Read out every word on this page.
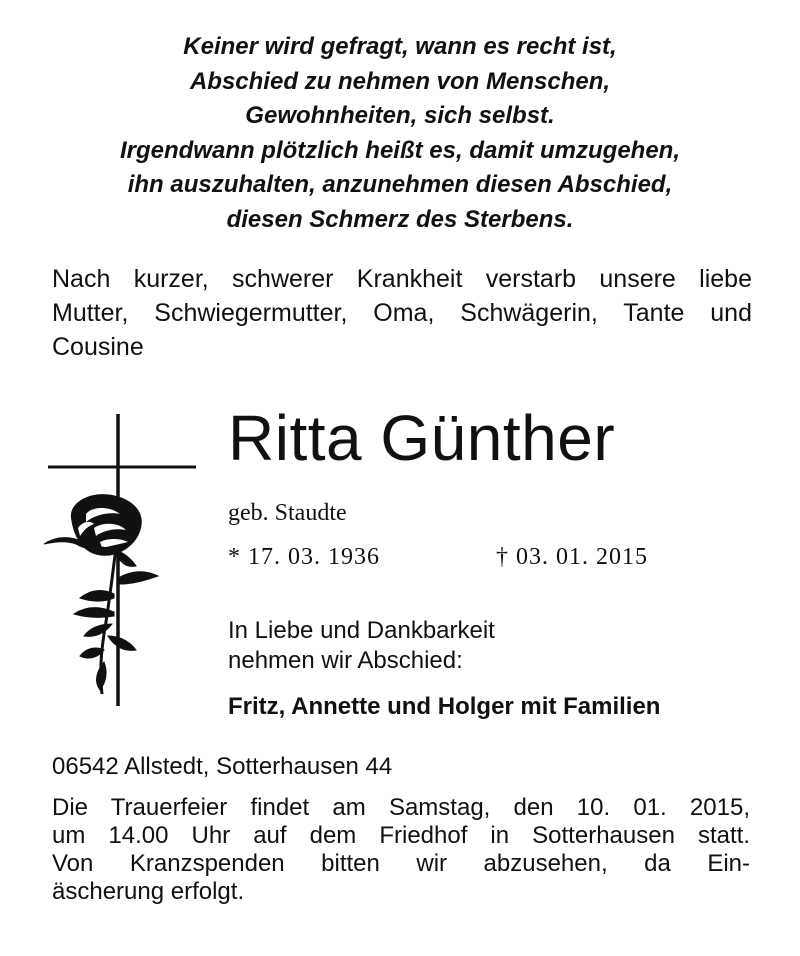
Keiner wird gefragt, wann es recht ist,
Abschied zu nehmen von Menschen,
Gewohnheiten, sich selbst.
Irgendwann plötzlich heißt es, damit umzugehen,
ihn auszuhalten, anzunehmen diesen Abschied,
diesen Schmerz des Sterbens.
Nach kurzer, schwerer Krankheit verstarb unsere liebe
Mutter, Schwiegermutter, Oma, Schwägerin, Tante und
Cousine
Ritta Günther
geb. Staudte
* 17. 03. 1936	† 03. 01. 2015
In Liebe und Dankbarkeit
nehmen wir Abschied:
Fritz, Annette und Holger mit Familien
06542 Allstedt, Sotterhausen 44
Die Trauerfeier findet am Samstag, den 10. 01. 2015,
um 14.00 Uhr auf dem Friedhof in Sotterhausen statt.
Von Kranzspenden bitten wir abzusehen, da Ein-
äscherung erfolgt.
